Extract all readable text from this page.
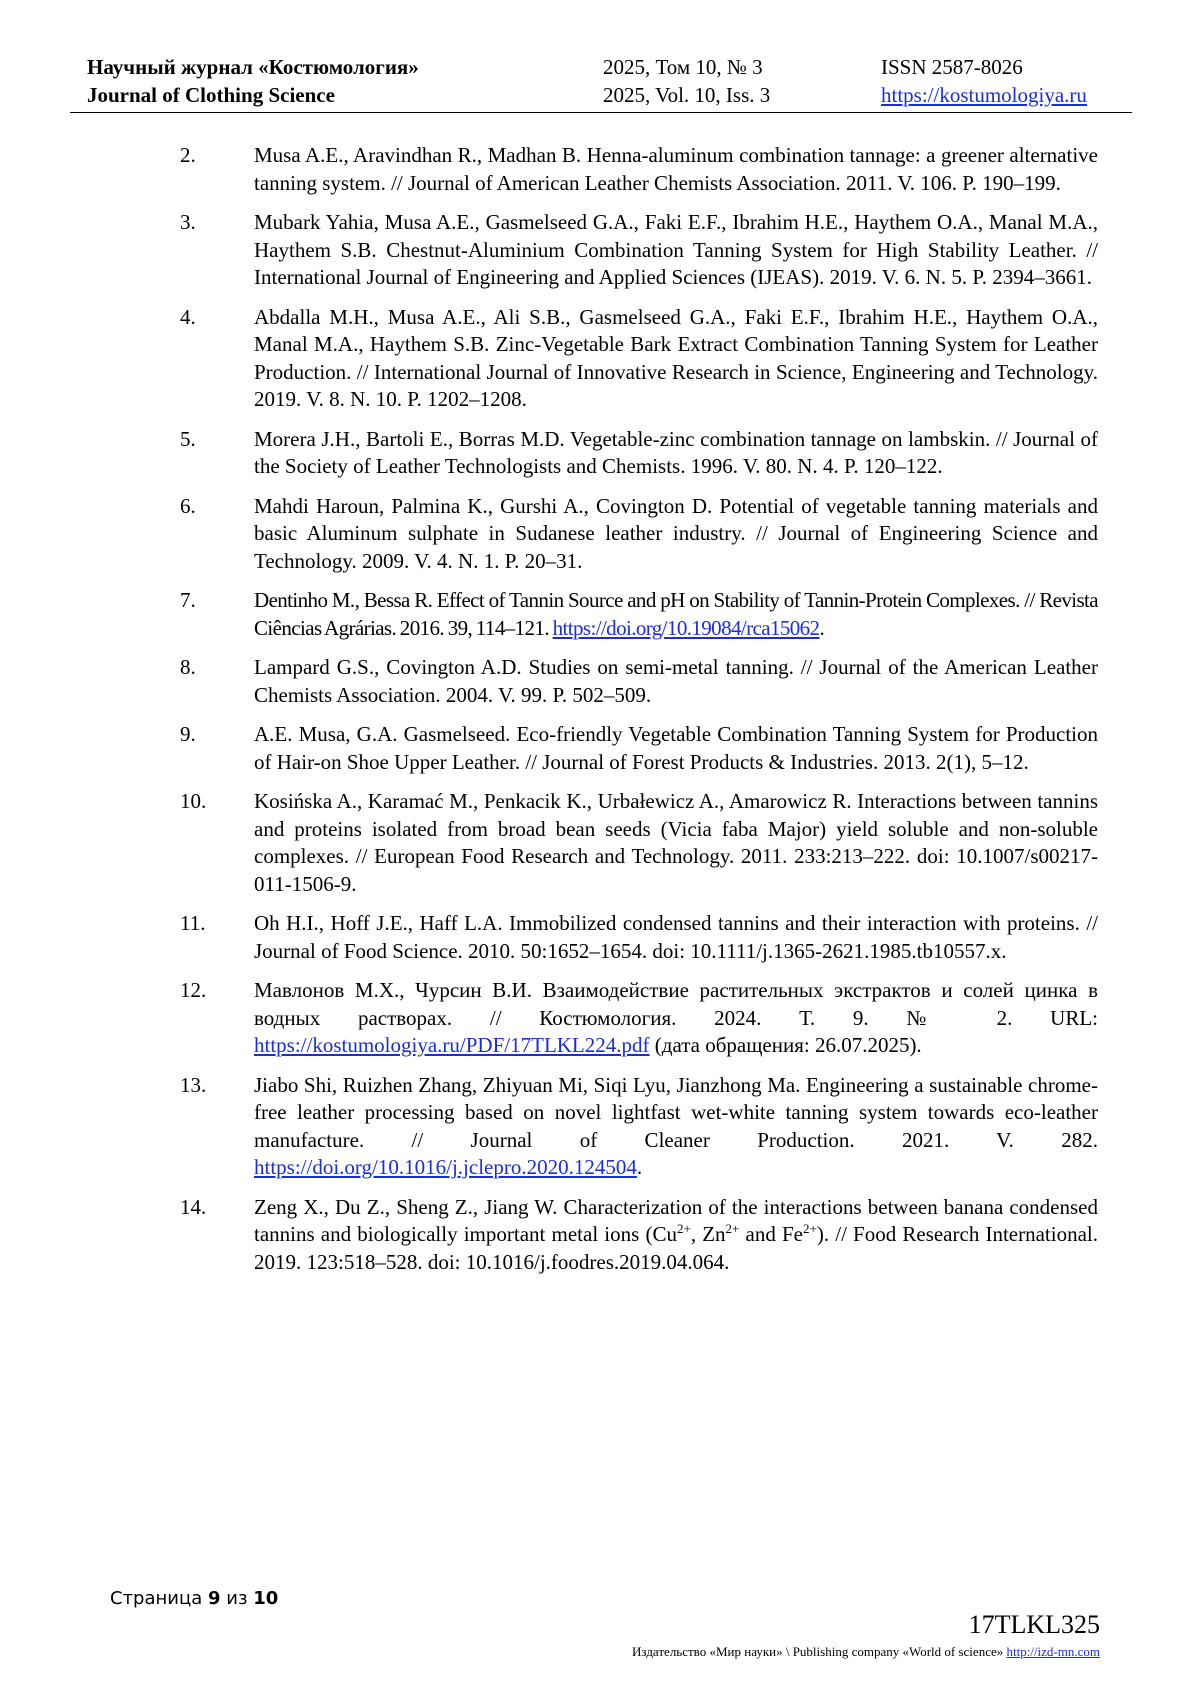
Научный журнал «Костюмология»
Journal of Clothing Science
2025, Том 10, № 3
2025, Vol. 10, Iss. 3
ISSN 2587-8026
https://kostumologiya.ru
2.	Musa A.E., Aravindhan R., Madhan B. Henna-aluminum combination tannage: a greener alternative tanning system. // Journal of American Leather Chemists Association. 2011. V. 106. P. 190–199.
3.	Mubark Yahia, Musa A.E., Gasmelseed G.A., Faki E.F., Ibrahim H.E., Haythem O.A., Manal M.A., Haythem S.B. Chestnut-Aluminium Combination Tanning System for High Stability Leather. // International Journal of Engineering and Applied Sciences (IJEAS). 2019. V. 6. N. 5. P. 2394–3661.
4.	Abdalla M.H., Musa A.E., Ali S.B., Gasmelseed G.A., Faki E.F., Ibrahim H.E., Haythem O.A., Manal M.A., Haythem S.B. Zinc-Vegetable Bark Extract Combination Tanning System for Leather Production. // International Journal of Innovative Research in Science, Engineering and Technology. 2019. V. 8. N. 10. P. 1202–1208.
5.	Morera J.H., Bartoli E., Borras M.D. Vegetable-zinc combination tannage on lambskin. // Journal of the Society of Leather Technologists and Chemists. 1996. V. 80. N. 4. P. 120–122.
6.	Mahdi Haroun, Palmina K., Gurshi A., Covington D. Potential of vegetable tanning materials and basic Aluminum sulphate in Sudanese leather industry. // Journal of Engineering Science and Technology. 2009. V. 4. N. 1. P. 20–31.
7.	Dentinho M., Bessa R. Effect of Tannin Source and pH on Stability of Tannin-Protein Complexes. // Revista Ciências Agrárias. 2016. 39, 114–121. https://doi.org/10.19084/rca15062.
8.	Lampard G.S., Covington A.D. Studies on semi-metal tanning. // Journal of the American Leather Chemists Association. 2004. V. 99. P. 502–509.
9.	A.E. Musa, G.A. Gasmelseed. Eco-friendly Vegetable Combination Tanning System for Production of Hair-on Shoe Upper Leather. // Journal of Forest Products & Industries. 2013. 2(1), 5–12.
10.	Kosińska A., Karamać M., Penkacik K., Urbałewicz A., Amarowicz R. Interactions between tannins and proteins isolated from broad bean seeds (Vicia faba Major) yield soluble and non-soluble complexes. // European Food Research and Technology. 2011. 233:213–222. doi: 10.1007/s00217-011-1506-9.
11.	Oh H.I., Hoff J.E., Haff L.A. Immobilized condensed tannins and their interaction with proteins. // Journal of Food Science. 2010. 50:1652–1654. doi: 10.1111/j.1365-2621.1985.tb10557.x.
12.	Мавлонов М.Х., Чурсин В.И. Взаимодействие растительных экстрактов и солей цинка в водных растворах. // Костюмология. 2024. Т. 9. № 2. URL: https://kostumologiya.ru/PDF/17TLKL224.pdf (дата обращения: 26.07.2025).
13.	Jiabo Shi, Ruizhen Zhang, Zhiyuan Mi, Siqi Lyu, Jianzhong Ma. Engineering a sustainable chrome-free leather processing based on novel lightfast wet-white tanning system towards eco-leather manufacture. // Journal of Cleaner Production. 2021. V. 282. https://doi.org/10.1016/j.jclepro.2020.124504.
14.	Zeng X., Du Z., Sheng Z., Jiang W. Characterization of the interactions between banana condensed tannins and biologically important metal ions ($Cu^{2+}$, $Zn^{2+}$ and $Fe^{2+}$). // Food Research International. 2019. 123:518–528. doi: 10.1016/j.foodres.2019.04.064.
Страница 9 из 10
17TLKL325
Издательство «Мир науки» \ Publishing company «World of science» http://izd-mn.com
